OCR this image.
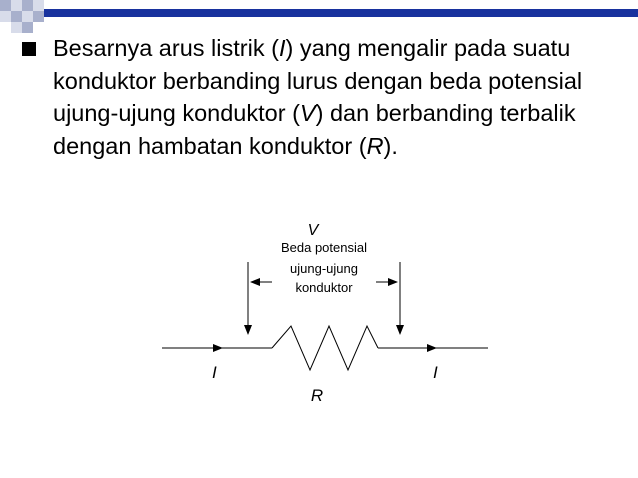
Besarnya arus listrik (I) yang mengalir pada suatu konduktor berbanding lurus dengan beda potensial ujung-ujung konduktor (V) dan berbanding terbalik dengan hambatan konduktor (R).

V
Beda potensial
ujung-ujung
konduktor
I	I
R
